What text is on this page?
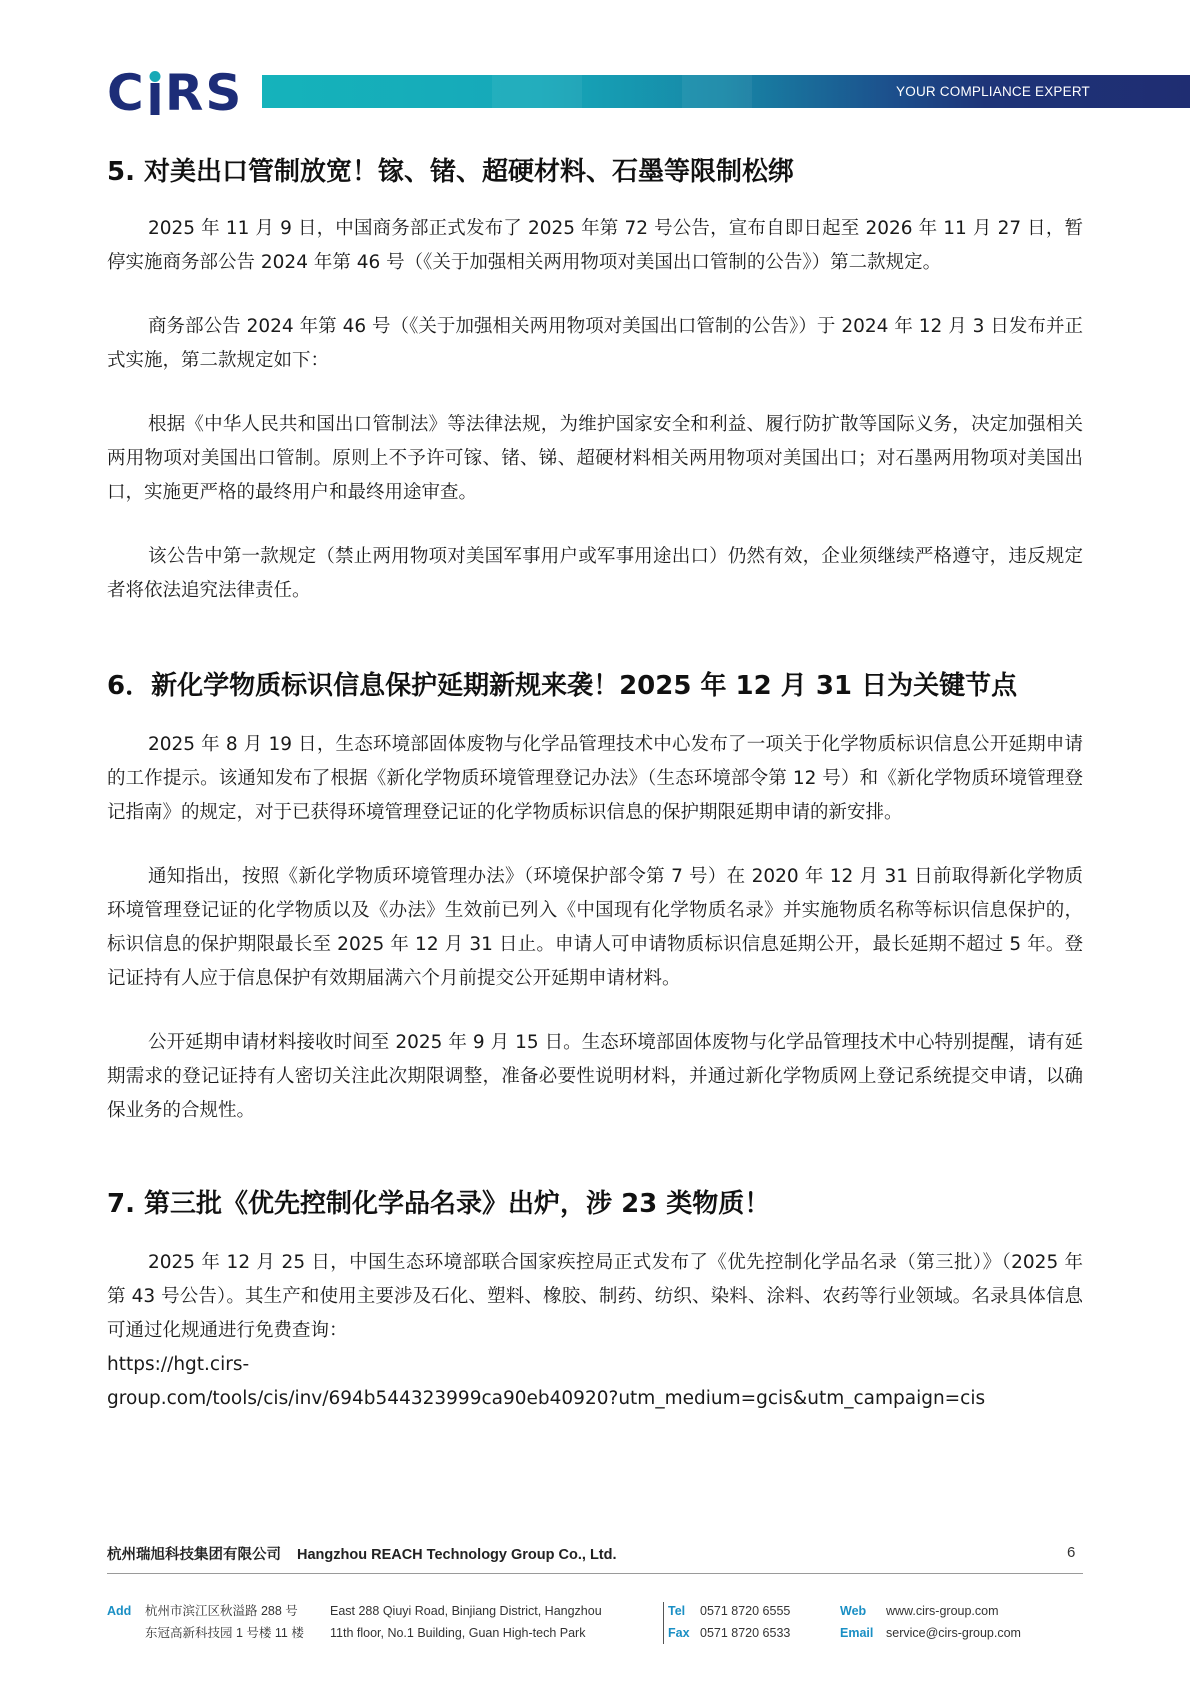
C RS	YOUR COMPLIANCE EXPERT
5. 对美出口管制放宽！镓、锗、超硬材料、石墨等限制松绑

2025 年 11 月 9 日，中国商务部正式发布了 2025 年第 72 号公告，宣布自即日起至 2026 年 11 月 27 日，暂停实施商务部公告 2024 年第 46 号（《关于加强相关两用物项对美国出口管制的公告》）第二款规定。

商务部公告 2024 年第 46 号（《关于加强相关两用物项对美国出口管制的公告》）于 2024 年 12 月 3 日发布并正式实施，第二款规定如下：

根据《中华人民共和国出口管制法》等法律法规，为维护国家安全和利益、履行防扩散等国际义务，决定加强相关两用物项对美国出口管制。原则上不予许可镓、锗、锑、超硬材料相关两用物项对美国出口；对石墨两用物项对美国出口，实施更严格的最终用户和最终用途审查。

该公告中第一款规定（禁止两用物项对美国军事用户或军事用途出口）仍然有效，企业须继续严格遵守，违反规定者将依法追究法律责任。

6．新化学物质标识信息保护延期新规来袭！2025 年 12 月 31 日为关键节点

2025 年 8 月 19 日，生态环境部固体废物与化学品管理技术中心发布了一项关于化学物质标识信息公开延期申请的工作提示。该通知发布了根据《新化学物质环境管理登记办法》（生态环境部令第 12 号）和《新化学物质环境管理登记指南》的规定，对于已获得环境管理登记证的化学物质标识信息的保护期限延期申请的新安排。

通知指出，按照《新化学物质环境管理办法》（环境保护部令第 7 号）在 2020 年 12 月 31 日前取得新化学物质环境管理登记证的化学物质以及《办法》生效前已列入《中国现有化学物质名录》并实施物质名称等标识信息保护的，标识信息的保护期限最长至 2025 年 12 月 31 日止。申请人可申请物质标识信息延期公开，最长延期不超过 5 年。登记证持有人应于信息保护有效期届满六个月前提交公开延期申请材料。

公开延期申请材料接收时间至 2025 年 9 月 15 日。生态环境部固体废物与化学品管理技术中心特别提醒，请有延期需求的登记证持有人密切关注此次期限调整，准备必要性说明材料，并通过新化学物质网上登记系统提交申请，以确保业务的合规性。

7. 第三批《优先控制化学品名录》出炉，涉 23 类物质！

2025 年 12 月 25 日，中国生态环境部联合国家疾控局正式发布了《优先控制化学品名录（第三批）》（2025 年第 43 号公告）。其生产和使用主要涉及石化、塑料、橡胶、制药、纺织、染料、涂料、农药等行业领域。名录具体信息可通过化规通进行免费查询：

https://hgt.cirs-
group.com/tools/cis/inv/694b544323999ca90eb40920?utm_medium=gcis&utm_campaign=cis

杭州瑞旭科技集团有限公司 Hangzhou REACH Technology Group Co., Ltd.	6
Add 杭州市滨江区秋溢路 288 号
东冠高新科技园 1 号楼 11 楼
East 288 Qiuyi Road, Binjiang District, Hangzhou
11th floor, No.1 Building, Guan High-tech Park
Tel
Fax
0571 8720 6555
0571 8720 6533
Web
Email
www.cirs-group.com
service@cirs-group.com
